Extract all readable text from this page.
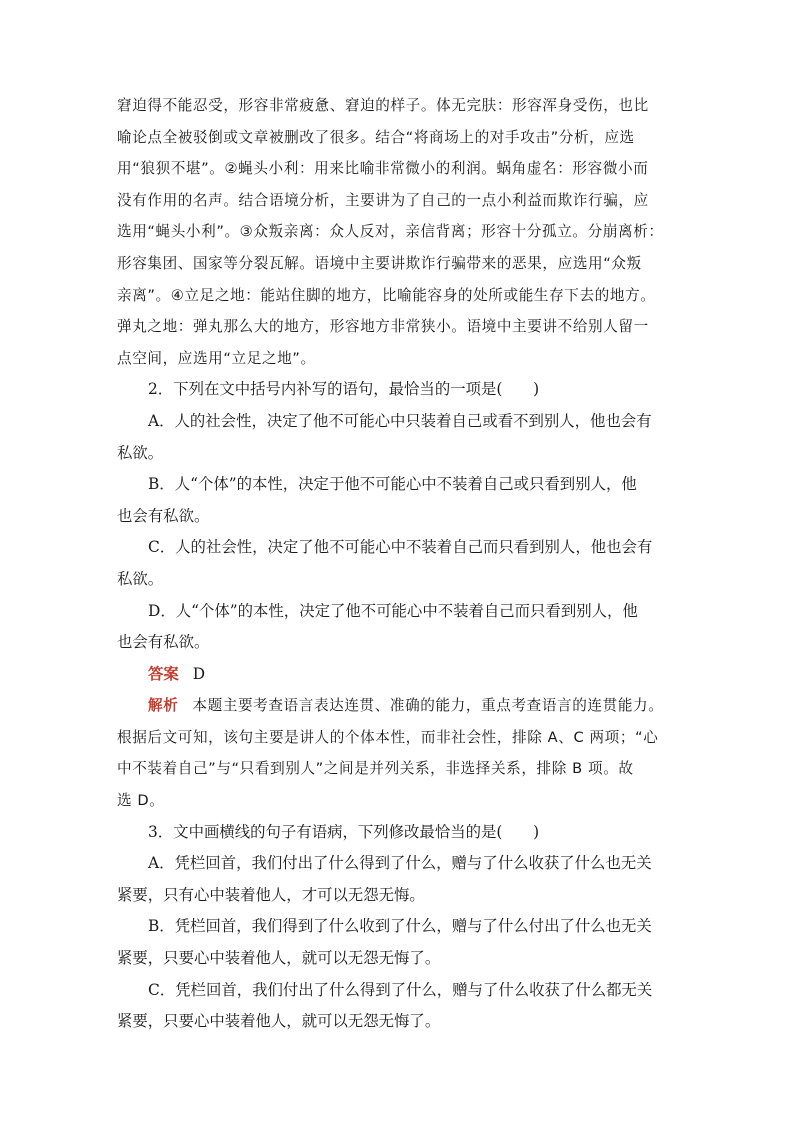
窘迫得不能忍受，形容非常疲惫、窘迫的样子。体无完肤：形容浑身受伤，也比
喻论点全被驳倒或文章被删改了很多。结合“将商场上的对手攻击”分析，应选
用“狼狈不堪”。②蝇头小利：用来比喻非常微小的利润。蜗角虚名：形容微小而
没有作用的名声。结合语境分析，主要讲为了自己的一点小利益而欺诈行骗，应
选用“蝇头小利”。③众叛亲离：众人反对，亲信背离；形容十分孤立。分崩离析：
形容集团、国家等分裂瓦解。语境中主要讲欺诈行骗带来的恶果，应选用“众叛
亲离”。④立足之地：能站住脚的地方，比喻能容身的处所或能生存下去的地方。
弹丸之地：弹丸那么大的地方，形容地方非常狭小。语境中主要讲不给别人留一
点空间，应选用“立足之地”。
2．下列在文中括号内补写的语句，最恰当的一项是(　　)
A．人的社会性，决定了他不可能心中只装着自己或看不到别人，他也会有
私欲。
B．人“个体”的本性，决定于他不可能心中不装着自己或只看到别人，他
也会有私欲。
C．人的社会性，决定了他不可能心中不装着自己而只看到别人，他也会有
私欲。
D．人“个体”的本性，决定了他不可能心中不装着自己而只看到别人，他
也会有私欲。
答案 D
解析 本题主要考查语言表达连贯、准确的能力，重点考查语言的连贯能力。
根据后文可知，该句主要是讲人的个体本性，而非社会性，排除 A、C 两项；“心
中不装着自己”与“只看到别人”之间是并列关系，非选择关系，排除 B 项。故
选 D。
3．文中画横线的句子有语病，下列修改最恰当的是(　　)
A．凭栏回首，我们付出了什么得到了什么，赠与了什么收获了什么也无关
紧要，只有心中装着他人，才可以无怨无悔。
B．凭栏回首，我们得到了什么收到了什么，赠与了什么付出了什么也无关
紧要，只要心中装着他人，就可以无怨无悔了。
C．凭栏回首，我们付出了什么得到了什么，赠与了什么收获了什么都无关
紧要，只要心中装着他人，就可以无怨无悔了。
